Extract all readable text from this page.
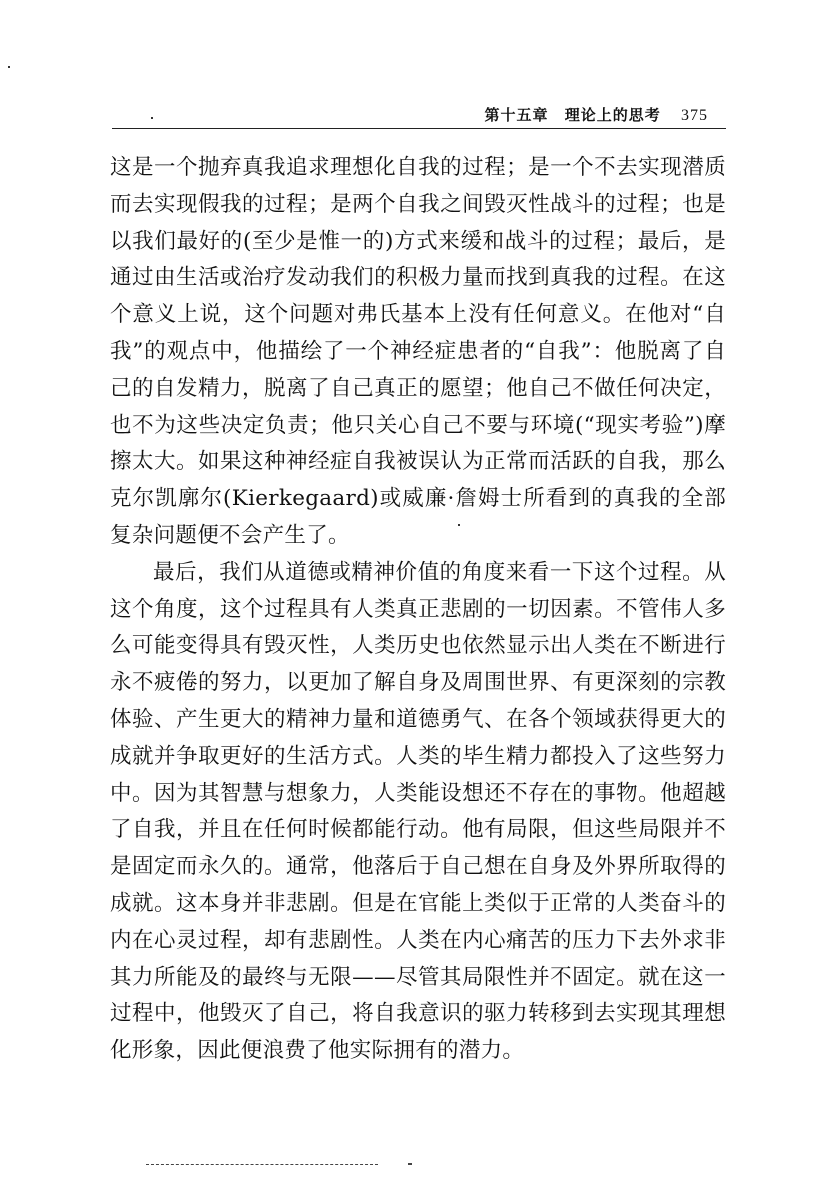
第十五章 理论上的思考 375

这是一个抛弃真我追求理想化自我的过程；是一个不去实现潜质而去实现假我的过程；是两个自我之间毁灭性战斗的过程；也是以我们最好的(至少是惟一的)方式来缓和战斗的过程；最后，是通过由生活或治疗发动我们的积极力量而找到真我的过程。在这个意义上说，这个问题对弗氏基本上没有任何意义。在他对“自我”的观点中，他描绘了一个神经症患者的“自我”：他脱离了自己的自发精力，脱离了自己真正的愿望；他自己不做任何决定，也不为这些决定负责；他只关心自己不要与环境(“现实考验”)摩擦太大。如果这种神经症自我被误认为正常而活跃的自我，那么克尔凯廓尔(Kierkegaard)或威廉·詹姆士所看到的真我的全部复杂问题便不会产生了。

最后，我们从道德或精神价值的角度来看一下这个过程。从这个角度，这个过程具有人类真正悲剧的一切因素。不管伟人多么可能变得具有毁灭性，人类历史也依然显示出人类在不断进行永不疲倦的努力，以更加了解自身及周围世界、有更深刻的宗教体验、产生更大的精神力量和道德勇气、在各个领域获得更大的成就并争取更好的生活方式。人类的毕生精力都投入了这些努力中。因为其智慧与想象力，人类能设想还不存在的事物。他超越了自我，并且在任何时候都能行动。他有局限，但这些局限并不是固定而永久的。通常，他落后于自己想在自身及外界所取得的成就。这本身并非悲剧。但是在官能上类似于正常的人类奋斗的内在心灵过程，却有悲剧性。人类在内心痛苦的压力下去外求非其力所能及的最终与无限——尽管其局限性并不固定。就在这一过程中，他毁灭了自己，将自我意识的驱力转移到去实现其理想化形象，因此便浪费了他实际拥有的潜力。
